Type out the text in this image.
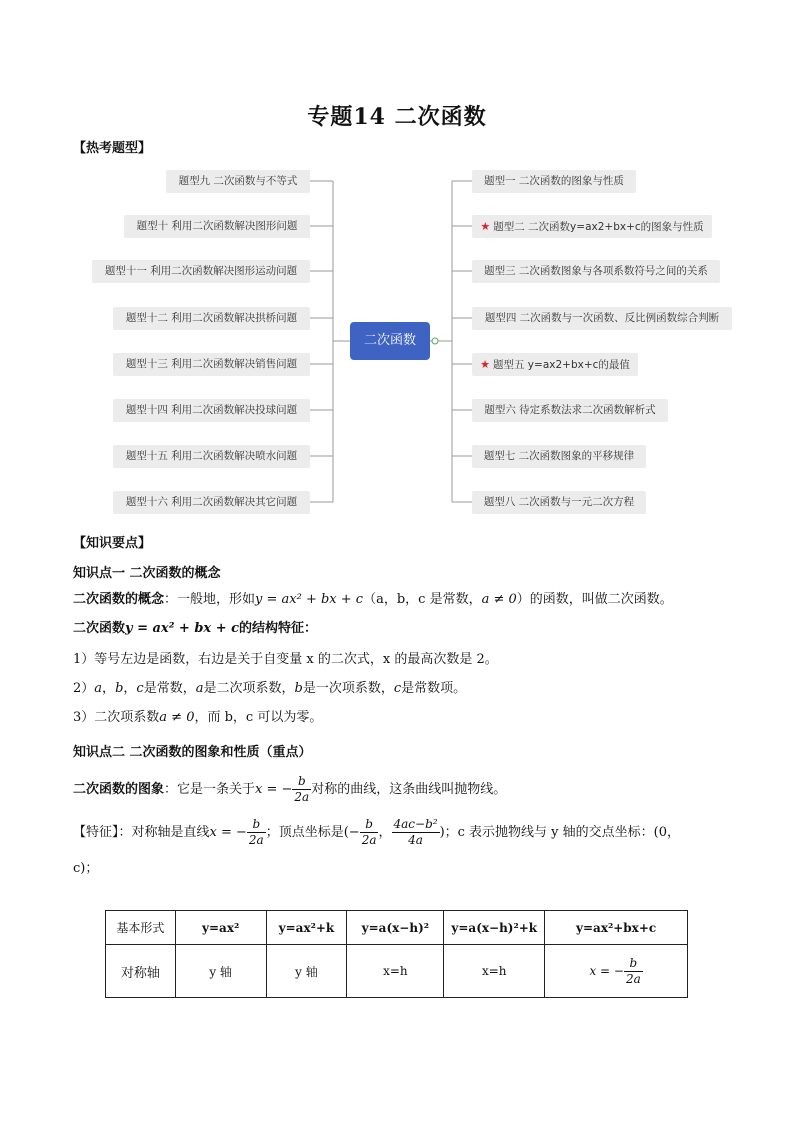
专题14 二次函数
【热考题型】
二次函数
题型九 二次函数与不等式
题型十 利用二次函数解决图形问题
题型十一 利用二次函数解决图形运动问题
题型十二 利用二次函数解决拱桥问题
题型十三 利用二次函数解决销售问题
题型十四 利用二次函数解决投球问题
题型十五 利用二次函数解决喷水问题
题型十六 利用二次函数解决其它问题
题型一 二次函数的图象与性质
★ 题型二 二次函数y=ax2+bx+c的图象与性质
题型三 二次函数图象与各项系数符号之间的关系
题型四 二次函数与一次函数、反比例函数综合判断
★ 题型五 y=ax2+bx+c的最值
题型六 待定系数法求二次函数解析式
题型七 二次函数图象的平移规律
题型八 二次函数与一元二次方程
【知识要点】
知识点一 二次函数的概念
二次函数的概念：一般地，形如y = ax² + bx + c（a，b，c 是常数，a ≠ 0）的函数，叫做二次函数。
二次函数y = ax² + bx + c的结构特征：
1）等号左边是函数，右边是关于自变量 x 的二次式，x 的最高次数是 2。
2）a，b，c是常数，a是二次项系数，b是一次项系数，c是常数项。
3）二次项系数a ≠ 0，而 b，c 可以为零。
知识点二 二次函数的图象和性质（重点）
二次函数的图象：它是一条关于x = − $\frac{b}{2a}$ 对称的曲线，这条曲线叫抛物线。
【特征】：对称轴是直线x = − $\frac{b}{2a}$ ；顶点坐标是(− $\frac{b}{2a}$ ， $\frac{\text{4ac−b²}}{4a}$ )；c 表示抛物线与 y 轴的交点坐标：(0，
c)；
基本形式	y=ax²	y=ax²+k	y=a(x−h)²	y=a(x−h)²+k	y=ax²+bx+c
对称轴	y 轴	y 轴	x=h	x=h	x = − $\frac{b}{2a}$
